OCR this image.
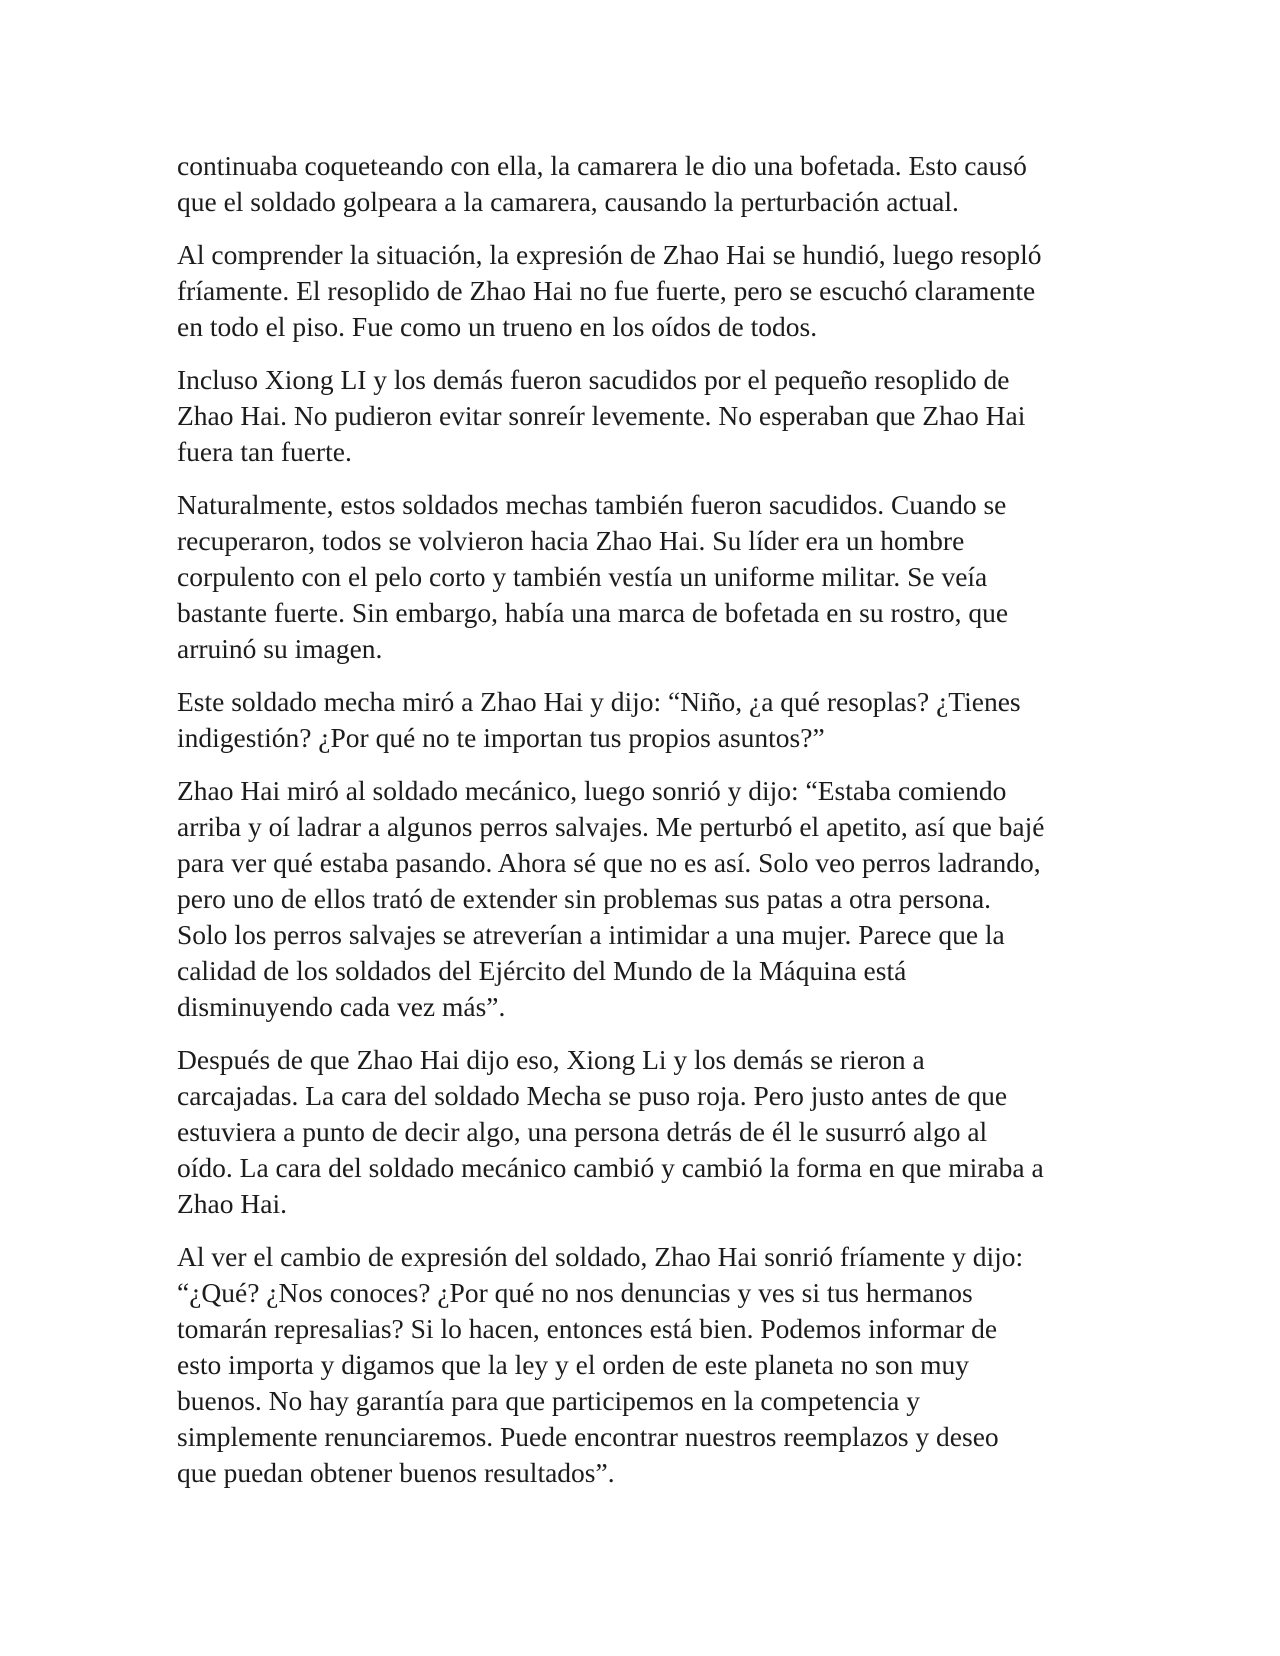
continuaba coqueteando con ella, la camarera le dio una bofetada. Esto causó
que el soldado golpeara a la camarera, causando la perturbación actual.

Al comprender la situación, la expresión de Zhao Hai se hundió, luego resopló
fríamente. El resoplido de Zhao Hai no fue fuerte, pero se escuchó claramente
en todo el piso. Fue como un trueno en los oídos de todos.

Incluso Xiong LI y los demás fueron sacudidos por el pequeño resoplido de
Zhao Hai. No pudieron evitar sonreír levemente. No esperaban que Zhao Hai
fuera tan fuerte.

Naturalmente, estos soldados mechas también fueron sacudidos. Cuando se
recuperaron, todos se volvieron hacia Zhao Hai. Su líder era un hombre
corpulento con el pelo corto y también vestía un uniforme militar. Se veía
bastante fuerte. Sin embargo, había una marca de bofetada en su rostro, que
arruinó su imagen.

Este soldado mecha miró a Zhao Hai y dijo: “Niño, ¿a qué resoplas? ¿Tienes
indigestión? ¿Por qué no te importan tus propios asuntos?”

Zhao Hai miró al soldado mecánico, luego sonrió y dijo: “Estaba comiendo
arriba y oí ladrar a algunos perros salvajes. Me perturbó el apetito, así que bajé
para ver qué estaba pasando. Ahora sé que no es así. Solo veo perros ladrando,
pero uno de ellos trató de extender sin problemas sus patas a otra persona.
Solo los perros salvajes se atreverían a intimidar a una mujer. Parece que la
calidad de los soldados del Ejército del Mundo de la Máquina está
disminuyendo cada vez más”.

Después de que Zhao Hai dijo eso, Xiong Li y los demás se rieron a
carcajadas. La cara del soldado Mecha se puso roja. Pero justo antes de que
estuviera a punto de decir algo, una persona detrás de él le susurró algo al
oído. La cara del soldado mecánico cambió y cambió la forma en que miraba a
Zhao Hai.

Al ver el cambio de expresión del soldado, Zhao Hai sonrió fríamente y dijo:
“¿Qué? ¿Nos conoces? ¿Por qué no nos denuncias y ves si tus hermanos
tomarán represalias? Si lo hacen, entonces está bien. Podemos informar de
esto importa y digamos que la ley y el orden de este planeta no son muy
buenos. No hay garantía para que participemos en la competencia y
simplemente renunciaremos. Puede encontrar nuestros reemplazos y deseo
que puedan obtener buenos resultados”.
